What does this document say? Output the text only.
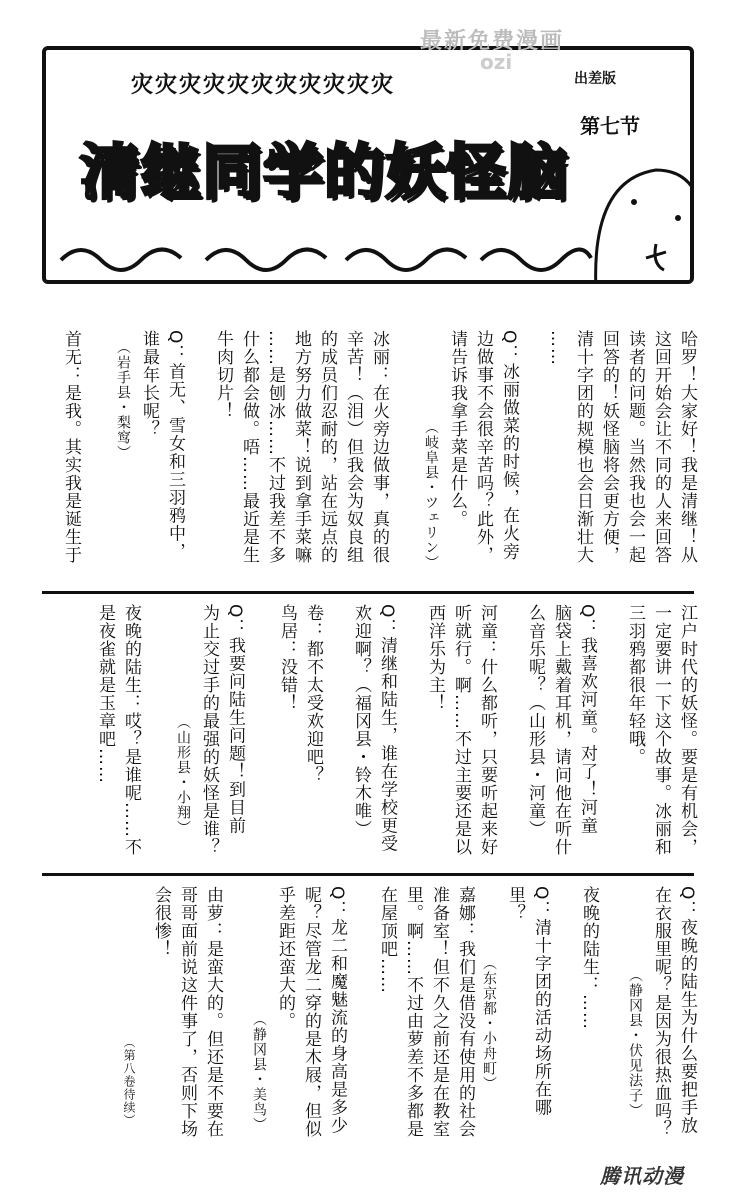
灾灾灾灾灾灾灾灾灾灾灾
清继同学的妖怪脑
出差版
第七节
最新免费漫画
ozi
哈罗！大家好！我是清继！从
这回开始会让不同的人来回答
读者的问题。当然我也会一起
回答的！妖怪脑将会更方便，
清十字团的规模也会日渐壮大
……
Q：冰丽做菜的时候，在火旁
边做事不会很辛苦吗？此外，
请告诉我拿手菜是什么。
（岐阜县・ツェリン）
冰丽：在火旁边做事，真的很
辛苦！（泪）但我会为奴良组
的成员们忍耐的，站在远点的
地方努力做菜！说到拿手菜嘛
……是刨冰……不过我差不多
什么都会做。唔……最近是生
牛肉切片！
Q：首无、雪女和三羽鸦中，
谁最年长呢？
（岩手县・梨窎）
首无：是我。其实我是诞生于
江户时代的妖怪。要是有机会，
一定要讲一下这个故事。冰丽和
三羽鸦都很年轻哦。
Q：我喜欢河童。对了！河童
脑袋上戴着耳机，请问他在听什
么音乐呢？（山形县・河童）
河童：什么都听，只要听起来好
听就行。啊……不过主要还是以
西洋乐为主！
Q：清继和陆生，谁在学校更受
欢迎啊？（福冈县・铃木唯）
卷：都不太受欢迎吧？
鸟居：没错！
Q：我要问陆生问题！到目前
为止交过手的最强的妖怪是谁？
（山形县・小翔）
夜晚的陆生：哎？是谁呢……不
是夜雀就是玉章吧……
Q：夜晚的陆生为什么要把手放
在衣服里呢？是因为很热血吗？
（静冈县・伏见法子）
夜晚的陆生：……
Q：清十字团的活动场所在哪
里？
（东京都・小舟町）
嘉娜：我们是借没有使用的社会
准备室！但不久之前还是在教室
里。啊……不过由萝差不多都是
在屋顶吧……
Q：龙二和魔魅流的身高是多少
呢？尽管龙二穿的是木屐，但似
乎差距还蛮大的。
（静冈县・美鸟）
由萝：是蛮大的。但还是不要在
哥哥面前说这件事了，否则下场
会很惨！
（第八卷待续）
腾讯动漫
